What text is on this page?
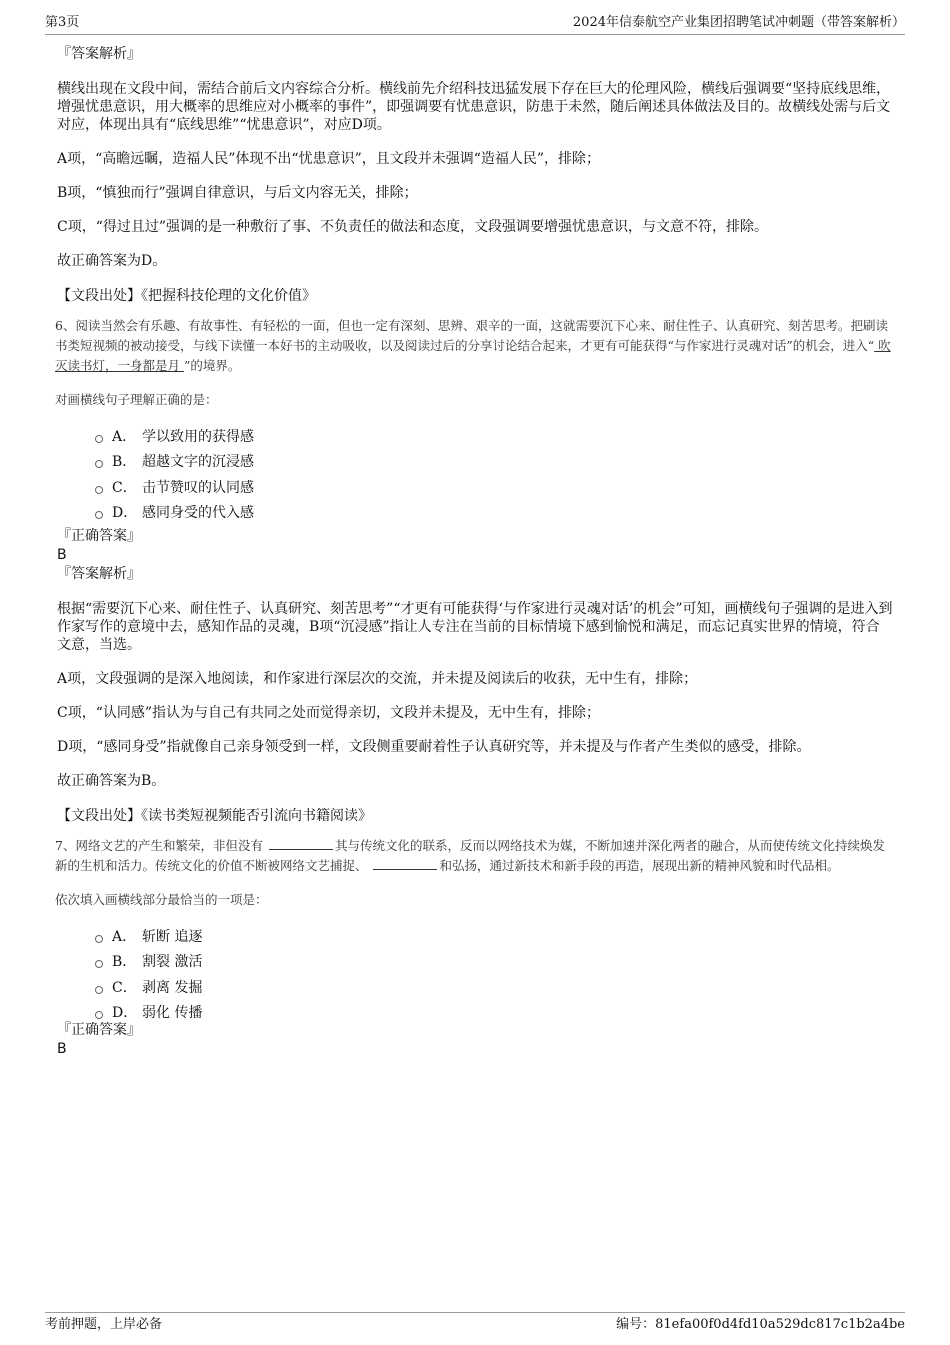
第3页	2024年信泰航空产业集团招聘笔试冲刺题（带答案解析）

『答案解析』

横线出现在文段中间，需结合前后文内容综合分析。横线前先介绍科技迅猛发展下存在巨大的伦理风险，横线后强调要“坚持底线思维，增强忧患意识，用大概率的思维应对小概率的事件”，即强调要有忧患意识，防患于未然，随后阐述具体做法及目的。故横线处需与后文对应，体现出具有“底线思维”“忧患意识”，对应D项。

A项，“高瞻远瞩，造福人民”体现不出“忧患意识”，且文段并未强调“造福人民”，排除；

B项，“慎独而行”强调自律意识，与后文内容无关，排除；

C项，“得过且过”强调的是一种敷衍了事、不负责任的做法和态度，文段强调要增强忧患意识，与文意不符，排除。

故正确答案为D。

【文段出处】《把握科技伦理的文化价值》

6、阅读当然会有乐趣、有故事性、有轻松的一面，但也一定有深刻、思辨、艰辛的一面，这就需要沉下心来、耐住性子、认真研究、刻苦思考。把刷读书类短视频的被动接受，与线下读懂一本好书的主动吸收，以及阅读过后的分享讨论结合起来，才更有可能获得“与作家进行灵魂对话”的机会，进入“ 吹灭读书灯，一身都是月 ”的境界。

对画横线句子理解正确的是：

A． 学以致用的获得感
B． 超越文字的沉浸感
C． 击节赞叹的认同感
D． 感同身受的代入感

『正确答案』

B

『答案解析』

根据“需要沉下心来、耐住性子、认真研究、刻苦思考”“才更有可能获得‘与作家进行灵魂对话’的机会”可知，画横线句子强调的是进入到作家写作的意境中去，感知作品的灵魂，B项“沉浸感”指让人专注在当前的目标情境下感到愉悦和满足，而忘记真实世界的情境，符合文意，当选。

A项，文段强调的是深入地阅读，和作家进行深层次的交流，并未提及阅读后的收获，无中生有，排除；

C项，“认同感”指认为与自己有共同之处而觉得亲切，文段并未提及，无中生有，排除；

D项，“感同身受”指就像自己亲身领受到一样，文段侧重要耐着性子认真研究等，并未提及与作者产生类似的感受，排除。

故正确答案为B。

【文段出处】《读书类短视频能否引流向书籍阅读》

7、网络文艺的产生和繁荣，非但没有	其与传统文化的联系，反而以网络技术为媒，不断加速并深化两者的融合，从而使传统文化持续焕发新的生机和活力。传统文化的价值不断被网络文艺捕捉、	和弘扬，通过新技术和新手段的再造，展现出新的精神风貌和时代品相。

依次填入画横线部分最恰当的一项是：

A． 斩断 追逐
B． 割裂 激活
C． 剥离 发掘
D． 弱化 传播

『正确答案』

B

考前押题，上岸必备	编号：81efa00f0d4fd10a529dc817c1b2a4be
